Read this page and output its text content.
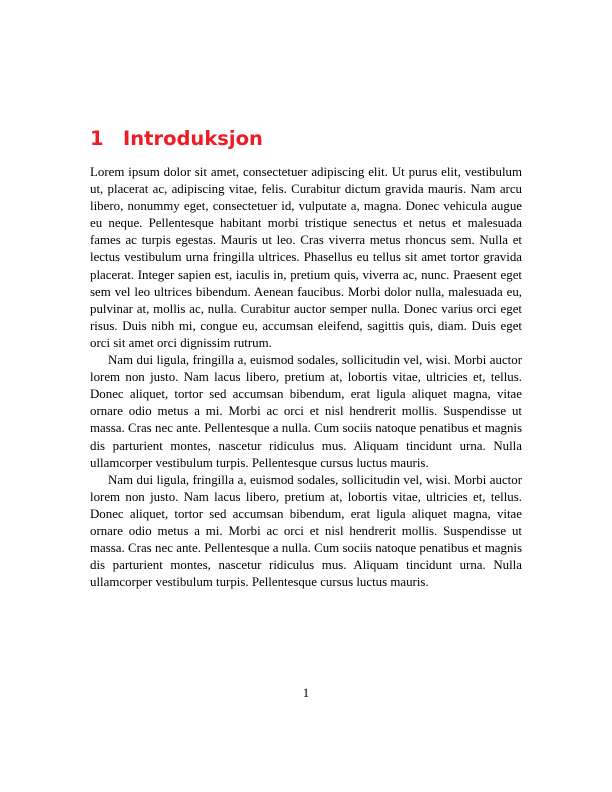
1 Introduksjon

Lorem ipsum dolor sit amet, consectetuer adipiscing elit. Ut purus elit, vestibulum ut, placerat ac, adipiscing vitae, felis. Curabitur dictum gravida mauris. Nam arcu libero, nonummy eget, consectetuer id, vulputate a, magna. Donec vehicula augue eu neque. Pellentesque habitant morbi tristique senectus et netus et malesuada fames ac turpis egestas. Mauris ut leo. Cras viverra metus rhoncus sem. Nulla et lectus vestibulum urna fringilla ultrices. Phasellus eu tellus sit amet tortor gravida placerat. Integer sapien est, iaculis in, pretium quis, viverra ac, nunc. Praesent eget sem vel leo ultrices bibendum. Aenean faucibus. Morbi dolor nulla, malesuada eu, pulvinar at, mollis ac, nulla. Curabitur auctor semper nulla. Donec varius orci eget risus. Duis nibh mi, congue eu, accumsan eleifend, sagittis quis, diam. Duis eget orci sit amet orci dignissim rutrum.

Nam dui ligula, fringilla a, euismod sodales, sollicitudin vel, wisi. Morbi auctor lorem non justo. Nam lacus libero, pretium at, lobortis vitae, ultricies et, tellus. Donec aliquet, tortor sed accumsan bibendum, erat ligula aliquet magna, vitae ornare odio metus a mi. Morbi ac orci et nisl hendrerit mollis. Suspendisse ut massa. Cras nec ante. Pellentesque a nulla. Cum sociis natoque penatibus et magnis dis parturient montes, nascetur ridiculus mus. Aliquam tincidunt urna. Nulla ullamcorper vestibulum turpis. Pellentesque cursus luctus mauris.

Nam dui ligula, fringilla a, euismod sodales, sollicitudin vel, wisi. Morbi auctor lorem non justo. Nam lacus libero, pretium at, lobortis vitae, ultricies et, tellus. Donec aliquet, tortor sed accumsan bibendum, erat ligula aliquet magna, vitae ornare odio metus a mi. Morbi ac orci et nisl hendrerit mollis. Suspendisse ut massa. Cras nec ante. Pellentesque a nulla. Cum sociis natoque penatibus et magnis dis parturient montes, nascetur ridiculus mus. Aliquam tincidunt urna. Nulla ullamcorper vestibulum turpis. Pellentesque cursus luctus mauris.

1
